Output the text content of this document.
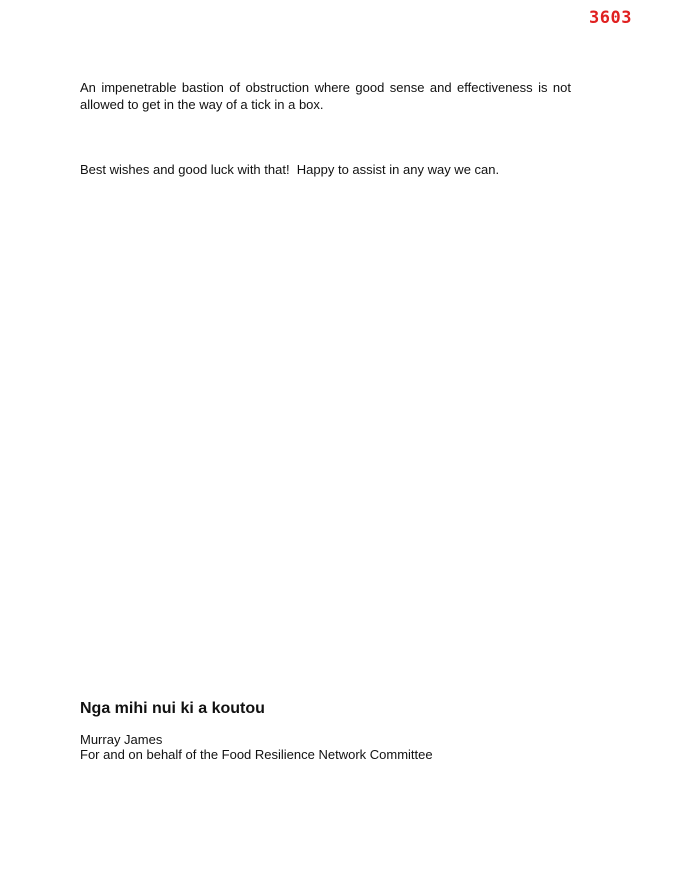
3603

An impenetrable bastion of obstruction where good sense and effectiveness is not allowed to get in the way of a tick in a box.

Best wishes and good luck with that!  Happy to assist in any way we can.

Nga mihi nui ki a koutou
Murray James
For and on behalf of the Food Resilience Network Committee
